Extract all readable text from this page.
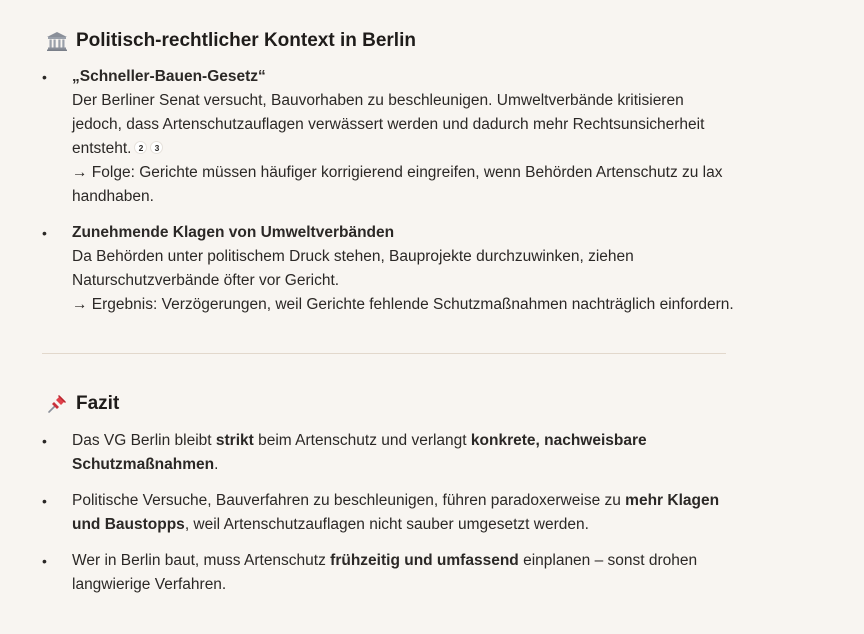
Politisch-rechtlicher Kontext in Berlin
• „Schneller-Bauen-Gesetz“
Der Berliner Senat versucht, Bauvorhaben zu beschleunigen. Umweltverbände kritisieren jedoch, dass Artenschutzauflagen verwässert werden und dadurch mehr Rechtsunsicherheit entsteht. 2 3
→ Folge: Gerichte müssen häufiger korrigierend eingreifen, wenn Behörden Artenschutz zu lax handhaben.
• Zunehmende Klagen von Umweltverbänden
Da Behörden unter politischem Druck stehen, Bauprojekte durchzuwinken, ziehen Naturschutzverbände öfter vor Gericht.
→ Ergebnis: Verzögerungen, weil Gerichte fehlende Schutzmaßnahmen nachträglich einfordern.
Fazit
• Das VG Berlin bleibt strikt beim Artenschutz und verlangt konkrete, nachweisbare Schutzmaßnahmen.
• Politische Versuche, Bauverfahren zu beschleunigen, führen paradoxerweise zu mehr Klagen und Baustopps, weil Artenschutzauflagen nicht sauber umgesetzt werden.
• Wer in Berlin baut, muss Artenschutz frühzeitig und umfassend einplanen – sonst drohen langwierige Verfahren.
